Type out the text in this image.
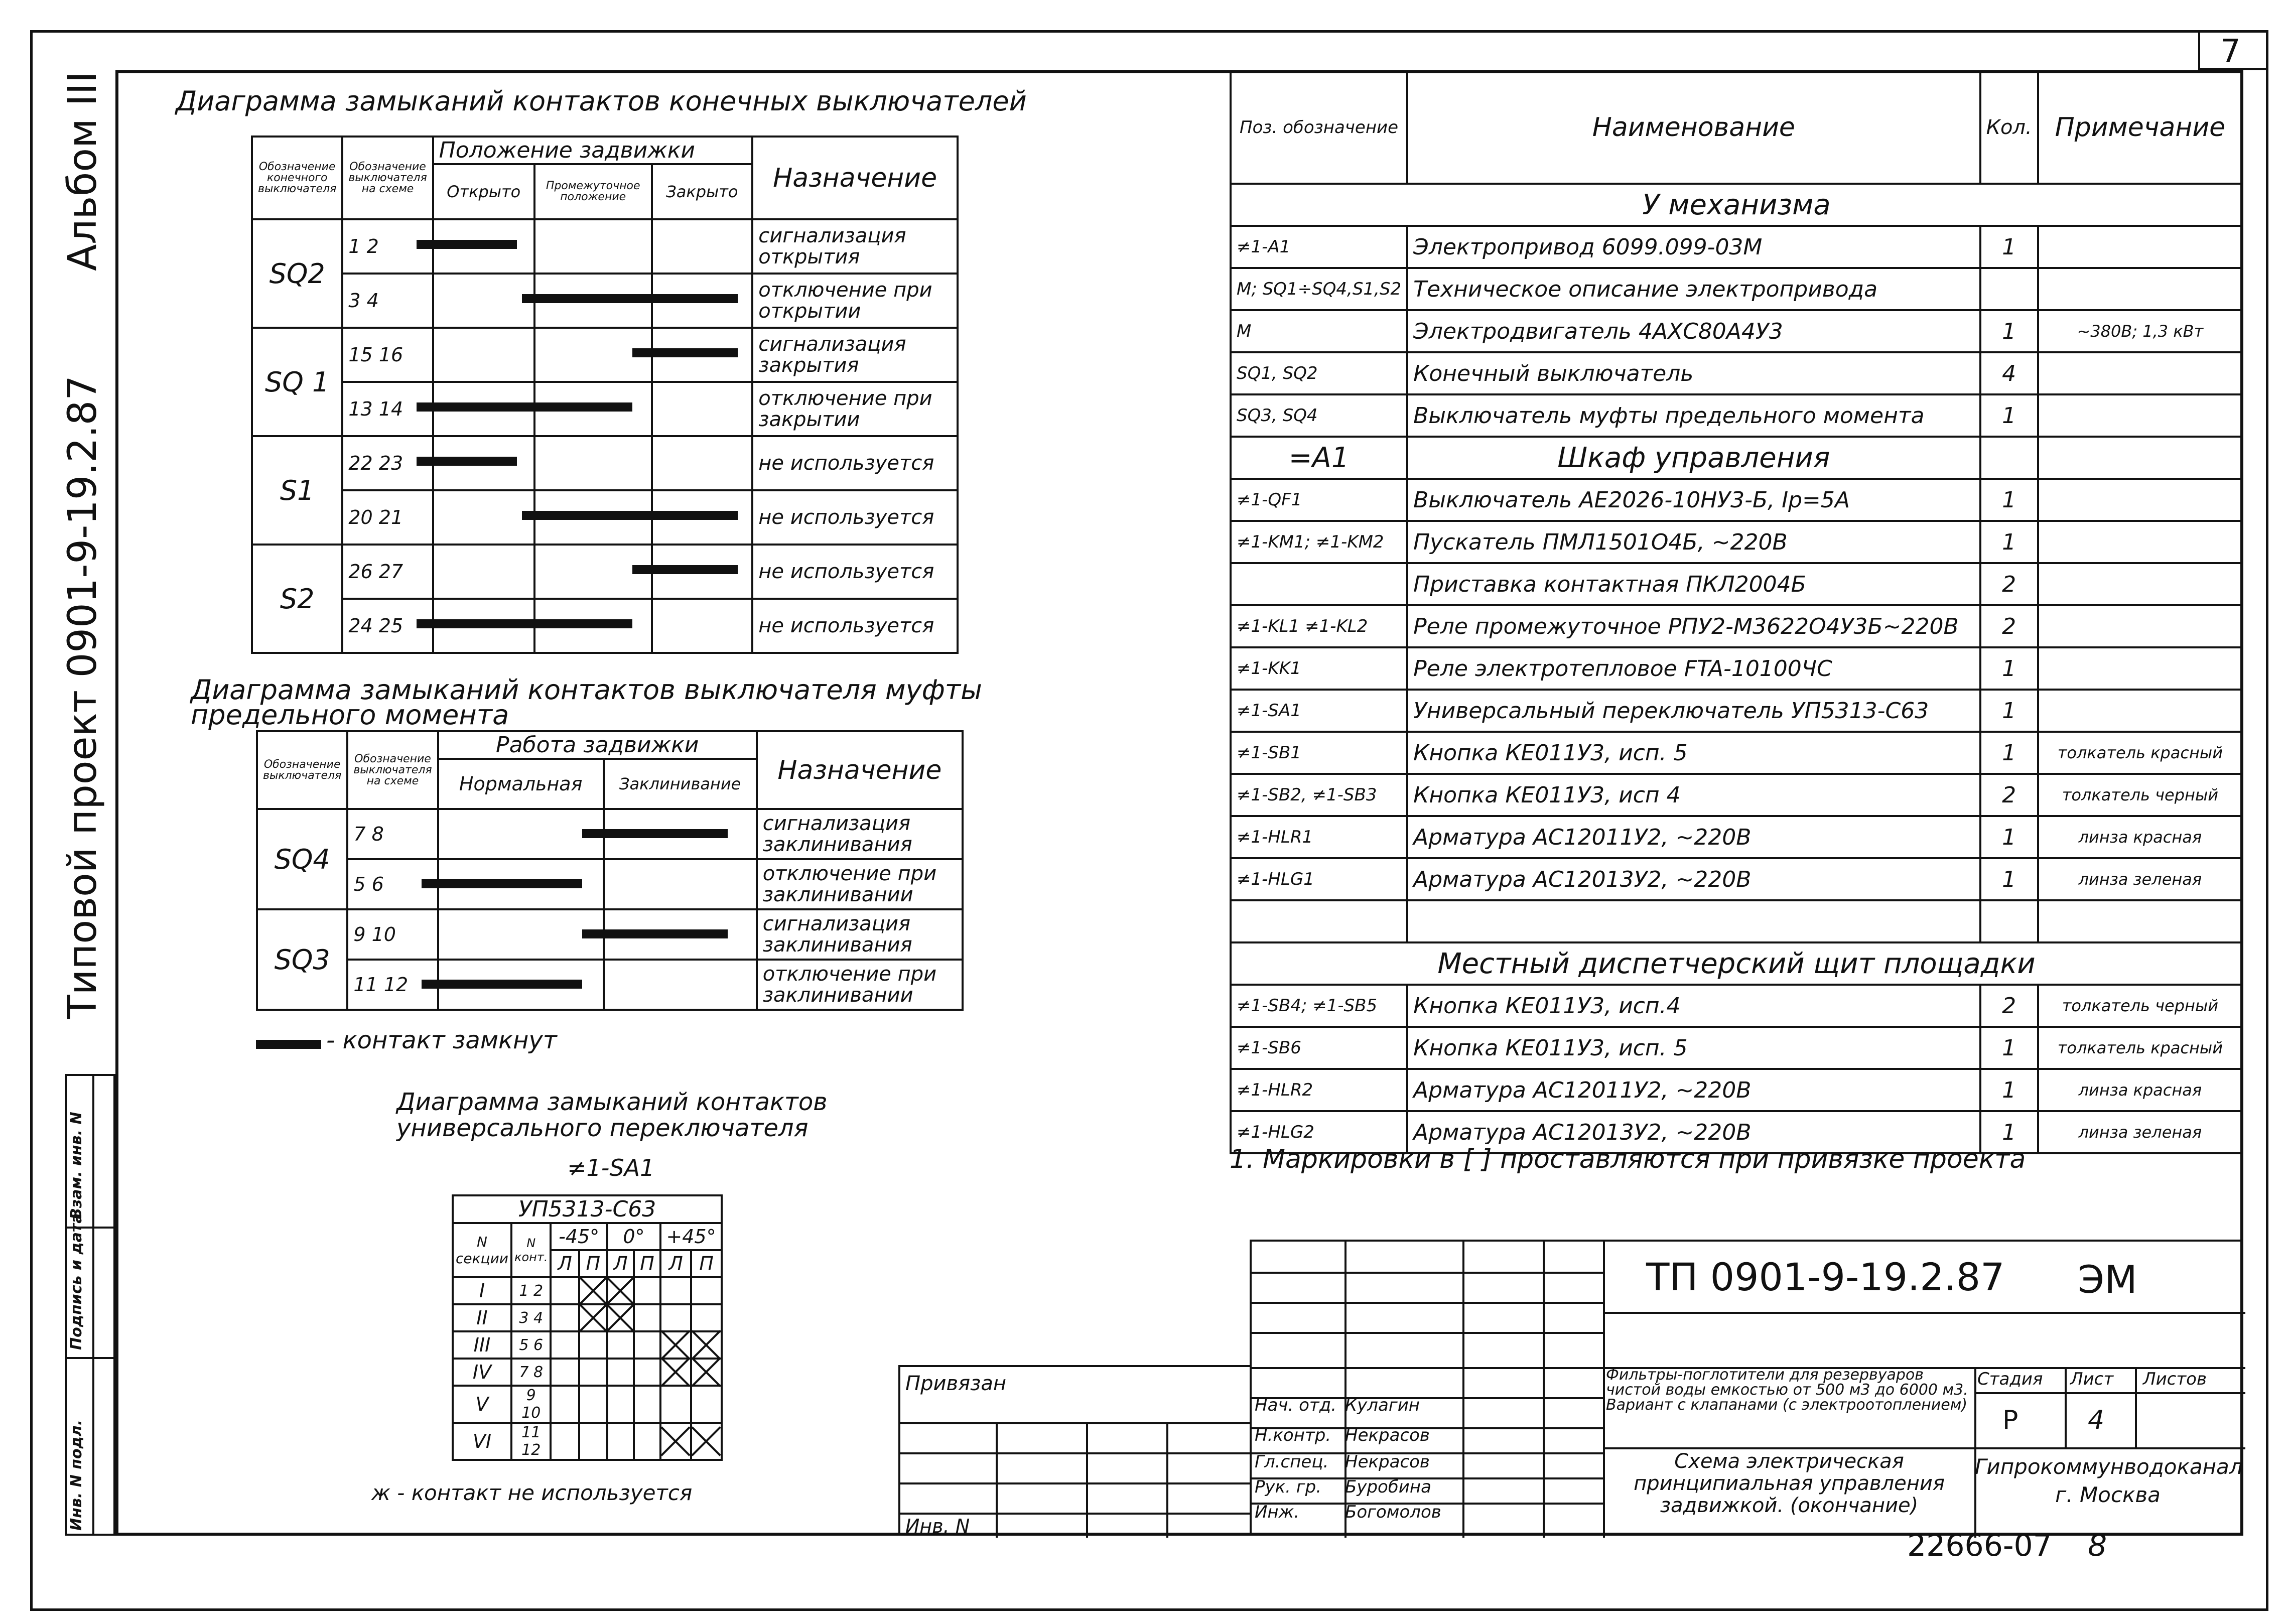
7
Альбом III
Типовой проект 0901-9-19.2.87
Инв. N подл.
Подпись и дата
Взам. инв. N
Диаграмма замыканий контактов конечных выключателей
Обозначение конечного выключателя	Обозначение выключателя на схеме	Положение задвижки			Назначение
		Открыто	Промежуточное положение	Закрыто	
SQ2	1 2				сигнализация открытия
	3 4				отключение при открытии
SQ 1	15 16				сигнализация закрытия
	13 14				отключение при закрытии
S1	22 23				не используется
	20 21				не используется
S2	26 27				не используется
	24 25				не используется
Диаграмма замыканий контактов выключателя муфты предельного момента
Обозначение выключателя	Обозначение выключателя на схеме	Работа задвижки		Назначение
		Нормальная	Заклинивание	
SQ4	7 8			сигнализация заклинивания
	5 6			отключение при заклинивании
SQ3	9 10			сигнализация заклинивания
	11 12			отключение при заклинивании
- контакт замкнут
Диаграмма замыканий контактов универсального переключателя
≠1-SA1
УП5313-С63							
N секции	N конт.	-45°		0°		+45°	
		Л	П	Л	П	Л	П
I	1 2						
II	3 4						
III	5 6						
IV	7 8						
V	9 10						
VI	11 12						
ж - контакт не используется
Поз. обозначение	Наименование	Кол.	Примечание
У механизма			
≠1-A1	Электропривод 6099.099-03М	1	
M; SQ1÷SQ4,S1,S2	Техническое описание электропривода		
M	Электродвигатель 4АХС80А4У3	1	~380В; 1,3 кВт
SQ1, SQ2	Конечный выключатель	4	
SQ3, SQ4	Выключатель муфты предельного момента	1	
=A1	Шкаф управления		
≠1-QF1	Выключатель АЕ2026-10НУ3-Б, Iр=5А	1	
≠1-KM1; ≠1-KM2	Пускатель ПМЛ1501О4Б, ~220В	1	
	Приставка контактная ПКЛ2004Б	2	
≠1-KL1 ≠1-KL2	Реле промежуточное РПУ2-М3622О4У3Б~220В	2	
≠1-KK1	Реле электротепловое FTA-10100ЧС	1	
≠1-SA1	Универсальный переключатель УП5313-С63	1	
≠1-SB1	Кнопка КЕ011У3, исп. 5	1	толкатель красный
≠1-SB2, ≠1-SB3	Кнопка КЕ011У3, исп 4	2	толкатель черный
≠1-HLR1	Арматура АС12011У2, ~220В	1	линза красная
≠1-HLG1	Арматура АС12013У2, ~220В	1	линза зеленая

Местный диспетчерский щит площадки			
≠1-SB4; ≠1-SB5	Кнопка КЕ011У3, исп.4	2	толкатель черный
≠1-SB6	Кнопка КЕ011У3, исп. 5	1	толкатель красный
≠1-HLR2	Арматура АС12011У2, ~220В	1	линза красная
≠1-HLG2	Арматура АС12013У2, ~220В	1	линза зеленая
1. Маркировки в [ ] проставляются при привязке проекта
Привязан
Инв. N
ТП 0901-9-19.2.87 ЭМ
Фильтры-поглотители для резервуаров чистой воды емкостью от 500 м3 до 6000 м3. Вариант с клапанами (с электроотоплением)
Схема электрическая принципиальная управления задвижкой. (окончание)
Стадия Лист Листов
Р	4
Гипрокоммунводоканал г. Москва
Нач. отд. Кулагин
Н.контр. Некрасов
Гл.спец. Некрасов
Рук. гр. Буробина
Инж.	Богомолов
22666-07 8
